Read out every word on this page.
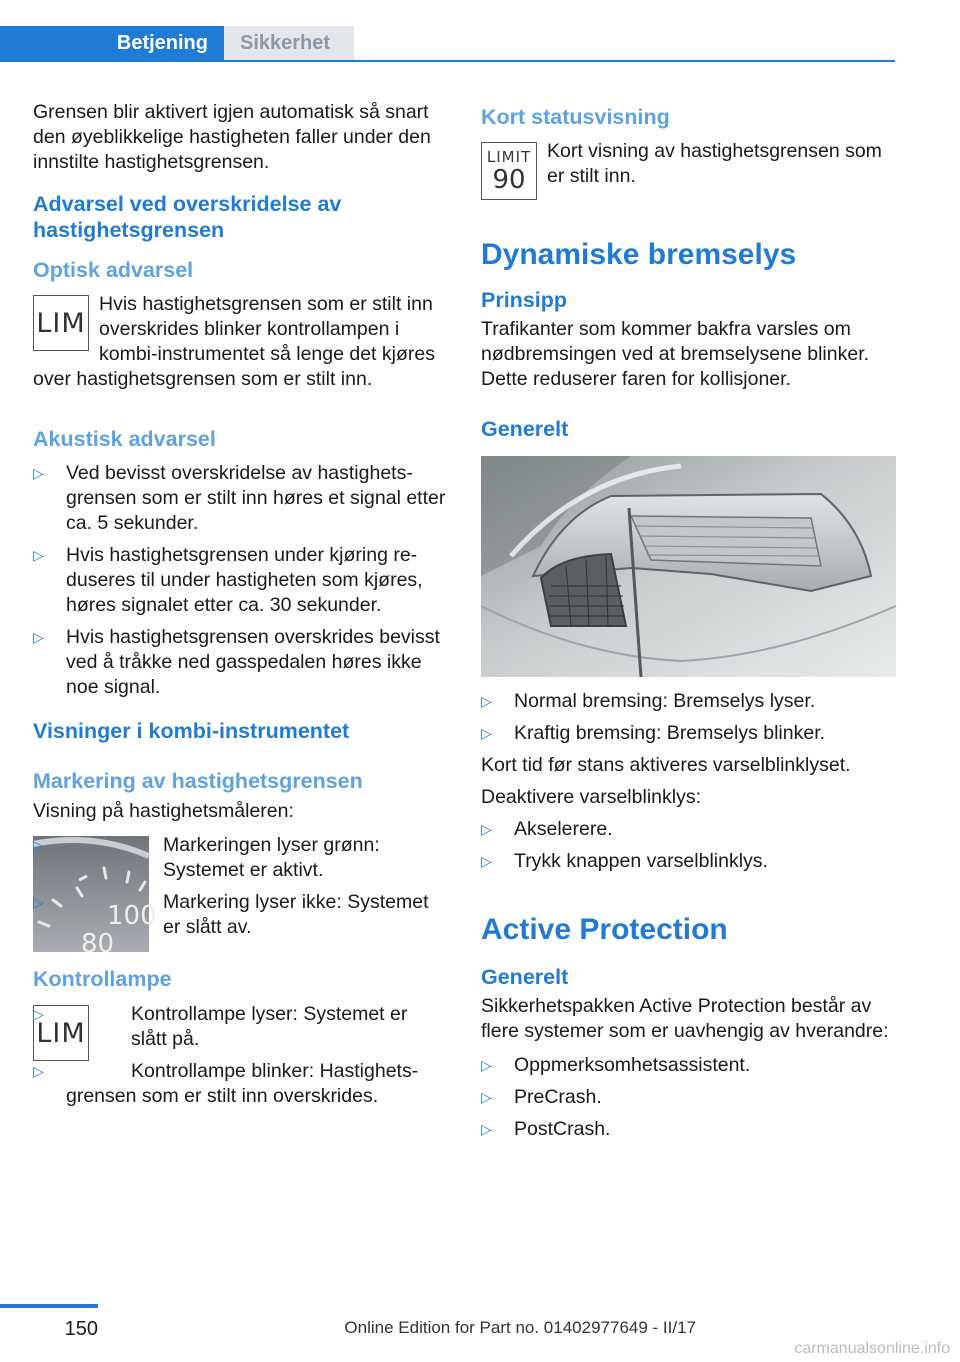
Betjening	Sikkerhet

Grensen blir aktivert igjen automatisk så snart den øyeblikkelige hastigheten faller under den innstilte hastighetsgrensen.

Advarsel ved overskridelse av hastighetsgrensen
Optisk advarsel
LIM

Hvis hastighetsgrensen som er stilt inn overskrides blinker kontrollampen i kombi-instrumentet så lenge det kjøres over hastighetsgrensen som er stilt inn.

Akustisk advarsel
▷ Ved bevisst overskridelse av hastighetsgrensen som er stilt inn høres et signal etter ca. 5 sekunder.
▷ Hvis hastighetsgrensen under kjøring reduseres til under hastigheten som kjøres, høres signalet etter ca. 30 sekunder.
▷ Hvis hastighetsgrensen overskrides bevisst ved å tråkke ned gasspedalen høres ikke noe signal.
Visninger i kombi-instrumentet
Markering av hastighetsgrensen

Visning på hastighetsmåleren:

100
80
▷	Markeringen lyser grønn: Systemet er aktivt.
▷	Markering lyser ikke: Systemet er slått av.
Kontrollampe
LIM
▷	Kontrollampe lyser: Systemet er slått på.
▷	Kontrollampe blinker: Hastighetsgrensen som er stilt inn overskrides.
Kort statusvisning
LIMIT
90

Kort visning av hastighetsgrensen som er stilt inn.

Dynamiske bremselys
Prinsipp

Trafikanter som kommer bakfra varsles om nødbremsingen ved at bremselysene blinker. Dette reduserer faren for kollisjoner.

Generelt
▷ Normal bremsing: Bremselys lyser.
▷ Kraftig bremsing: Bremselys blinker.

Kort tid før stans aktiveres varselblinklyset.

Deaktivere varselblinklys:

▷ Akselerere.
▷ Trykk knappen varselblinklys.
Active Protection
Generelt

Sikkerhetspakken Active Protection består av flere systemer som er uavhengig av hverandre:

▷ Oppmerksomhetsassistent.
▷ PreCrash.
▷ PostCrash.
150	Online Edition for Part no. 01402977649 - II/17
carmanualsonline.info
